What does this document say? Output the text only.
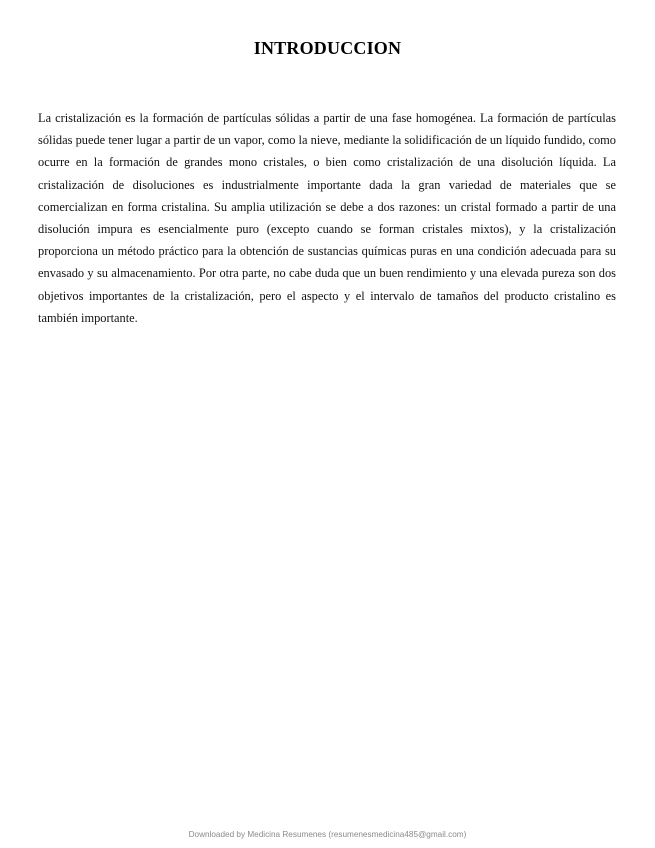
INTRODUCCION

La cristalización es la formación de partículas sólidas a partir de una fase homogénea. La formación de partículas sólidas puede tener lugar a partir de un vapor, como la nieve, mediante la solidificación de un líquido fundido, como ocurre en la formación de grandes mono cristales, o bien como cristalización de una disolución líquida. La cristalización de disoluciones es industrialmente importante dada la gran variedad de materiales que se comercializan en forma cristalina. Su amplia utilización se debe a dos razones: un cristal formado a partir de una disolución impura es esencialmente puro (excepto cuando se forman cristales mixtos), y la cristalización proporciona un método práctico para la obtención de sustancias químicas puras en una condición adecuada para su envasado y su almacenamiento. Por otra parte, no cabe duda que un buen rendimiento y una elevada pureza son dos objetivos importantes de la cristalización, pero el aspecto y el intervalo de tamaños del producto cristalino es también importante.

Downloaded by Medicina Resumenes (resumenesmedicina485@gmail.com)
